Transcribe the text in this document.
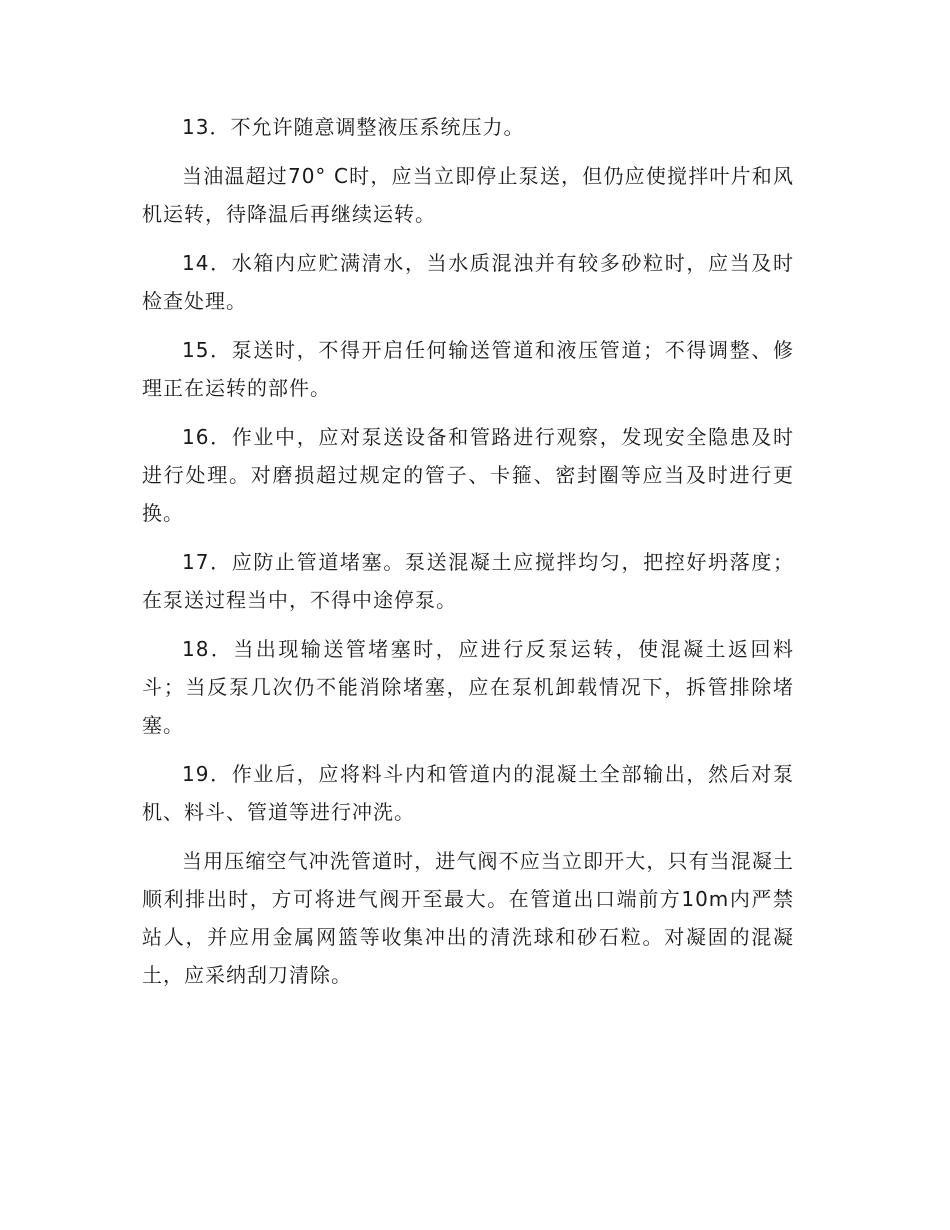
13．不允许随意调整液压系统压力。

当油温超过70° C时，应当立即停止泵送，但仍应使搅拌叶片和风机运转，待降温后再继续运转。

14．水箱内应贮满清水，当水质混浊并有较多砂粒时，应当及时检查处理。

15．泵送时，不得开启任何输送管道和液压管道；不得调整、修理正在运转的部件。

16．作业中，应对泵送设备和管路进行观察，发现安全隐患及时进行处理。对磨损超过规定的管子、卡箍、密封圈等应当及时进行更换。

17．应防止管道堵塞。泵送混凝土应搅拌均匀，把控好坍落度；在泵送过程当中，不得中途停泵。

18．当出现输送管堵塞时，应进行反泵运转，使混凝土返回料斗；当反泵几次仍不能消除堵塞，应在泵机卸载情况下，拆管排除堵塞。

19．作业后，应将料斗内和管道内的混凝土全部输出，然后对泵机、料斗、管道等进行冲洗。

当用压缩空气冲洗管道时，进气阀不应当立即开大，只有当混凝土顺利排出时，方可将进气阀开至最大。在管道出口端前方10m内严禁站人，并应用金属网篮等收集冲出的清洗球和砂石粒。对凝固的混凝土，应采纳刮刀清除。
